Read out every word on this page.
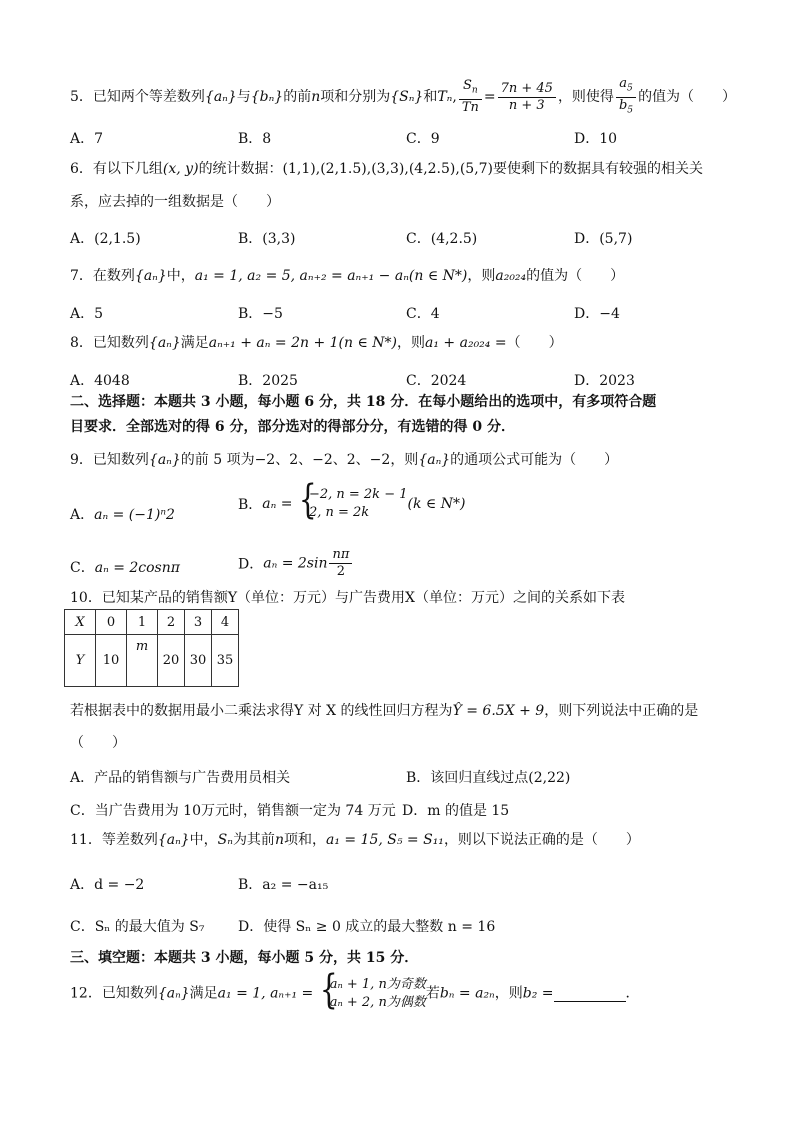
5．已知两个等差数列{aₙ}与{bₙ}的前n项和分别为{Sₙ}和Tₙ, $\frac{S_n}{Tn} = \frac{7n + 45}{n + 3}$ ，则使得 $\frac{a_5}{b_5}$ 的值为（　　）
A．7	B．8	C．9	D．10
6．有以下几组(x, y)的统计数据：(1,1),(2,1.5),(3,3),(4,2.5),(5,7)要使剩下的数据具有较强的相关关
系，应去掉的一组数据是（　　）
A．(2,1.5)	B．(3,3)	C．(4,2.5)	D．(5,7)
7．在数列{aₙ}中，a₁ = 1, a₂ = 5, aₙ₊₂ = aₙ₊₁ − aₙ(n ∈ N*)，则a₂₀₂₄的值为（　　）
A．5	B．−5	C．4	D．−4
8．已知数列{aₙ}满足aₙ₊₁ + aₙ = 2n + 1(n ∈ N*)，则a₁ + a₂₀₂₄ =（　　）
A．4048	B．2025	C．2024	D．2023
二、选择题：本题共 3 小题，每小题 6 分，共 18 分．在每小题给出的选项中，有多项符合题
目要求．全部选对的得 6 分，部分选对的得部分分，有选错的得 0 分．
9．已知数列{aₙ}的前 5 项为−2、2、−2、2、−2，则{aₙ}的通项公式可能为（　　）
A．aₙ = (−1)ⁿ2
B．aₙ =
{ −2, n = 2k − 1
2, n = 2k
(k ∈ N*)
C．aₙ = 2cosnπ	D．$a_n = 2\sin \frac{n\pi}{2}$
10．已知某产品的销售额Y（单位：万元）与广告费用X（单位：万元）之间的关系如下表
X	0	1	2	3	4
Y	10	m	20	30	35
若根据表中的数据用最小二乘法求得Y 对 X 的线性回归方程为Ŷ = 6.5X + 9，则下列说法中正确的是
（　　）
A．产品的销售额与广告费用员相关	B．该回归直线过点(2,22)
C．当广告费用为 10万元时，销售额一定为 74 万元 D．m 的值是 15
11．等差数列{aₙ}中，Sₙ为其前n项和，a₁ = 15, S₅ = S₁₁，则以下说法正确的是（　　）
A．d = −2	B．a₂ = −a₁₅
C．Sₙ 的最大值为 S₇ D．使得 Sₙ ≥ 0 成立的最大整数 n = 16
三、填空题：本题共 3 小题，每小题 5 分，共 15 分．
12．已知数列{aₙ}满足a₁ = 1, aₙ₊₁ =
{ aₙ + 1, n为奇数
aₙ + 2, n为偶数
若bₙ = a₂ₙ，则b₂ =	．
